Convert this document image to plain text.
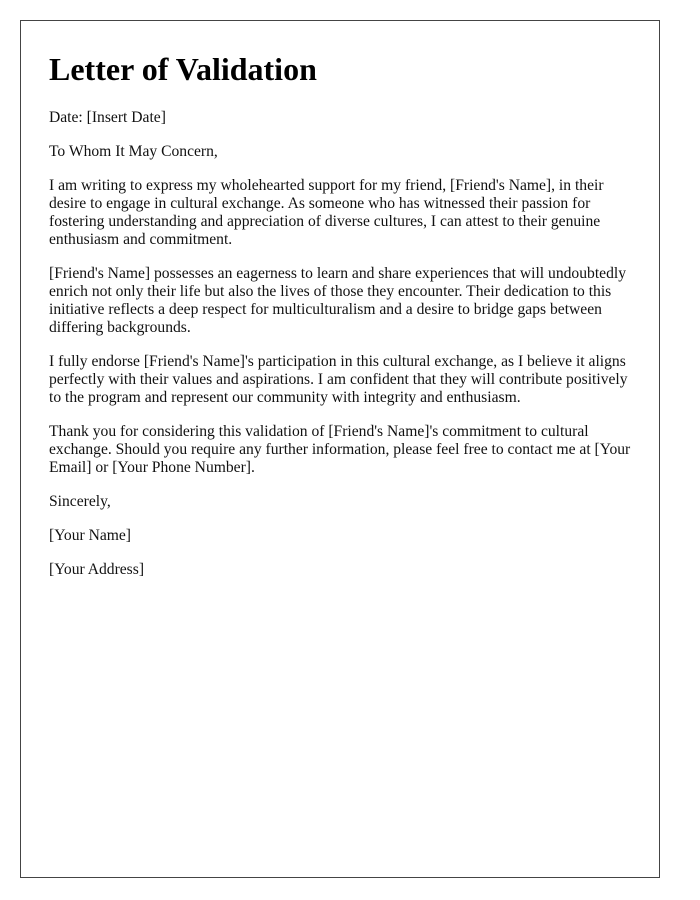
Letter of Validation

Date: [Insert Date]

To Whom It May Concern,

I am writing to express my wholehearted support for my friend, [Friend's Name], in their desire to engage in cultural exchange. As someone who has witnessed their passion for fostering understanding and appreciation of diverse cultures, I can attest to their genuine enthusiasm and commitment.

[Friend's Name] possesses an eagerness to learn and share experiences that will undoubtedly enrich not only their life but also the lives of those they encounter. Their dedication to this initiative reflects a deep respect for multiculturalism and a desire to bridge gaps between differing backgrounds.

I fully endorse [Friend's Name]'s participation in this cultural exchange, as I believe it aligns perfectly with their values and aspirations. I am confident that they will contribute positively to the program and represent our community with integrity and enthusiasm.

Thank you for considering this validation of [Friend's Name]'s commitment to cultural exchange. Should you require any further information, please feel free to contact me at [Your Email] or [Your Phone Number].

Sincerely,

[Your Name]

[Your Address]
